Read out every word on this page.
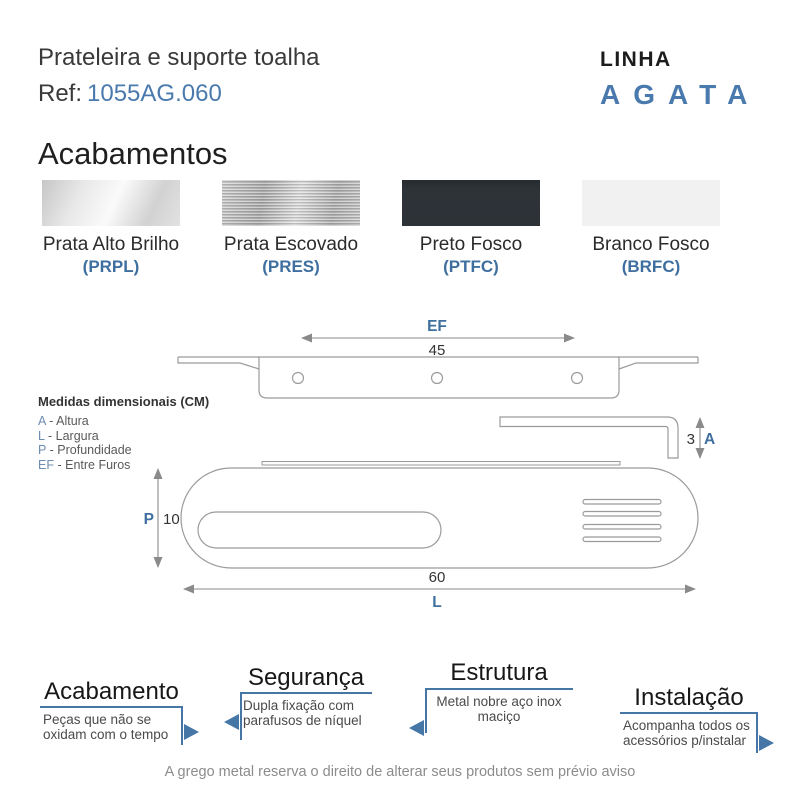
Prateleira e suporte toalha
Ref: 1055AG.060
LINHA
AGATA
Acabamentos
Prata Alto Brilho
(PRPL)
Prata Escovado
(PRES)
Preto Fosco
(PTFC)
Branco Fosco
(BRFC)
Medidas dimensionais (CM)
A - Altura
L - Largura
P - Profundidade
EF - Entre Furos
EF
45
3 A
P 10
60
L
Acabamento
Peças que não se
oxidam com o tempo
Segurança
Dupla fixação com
parafusos de níquel
Estrutura
Metal nobre aço inox
maciço
Instalação
Acompanha todos os
acessórios p/instalar
A grego metal reserva o direito de alterar seus produtos sem prévio aviso
